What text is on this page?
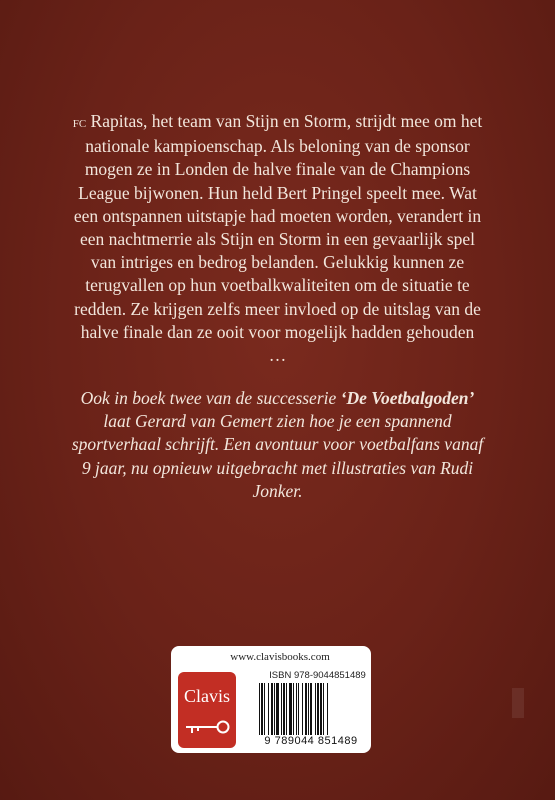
fc Rapitas, het team van Stijn en Storm, strijdt mee om het nationale kampioenschap. Als beloning van de sponsor mogen ze in Londen de halve finale van de Champions League bijwonen. Hun held Bert Pringel speelt mee. Wat een ontspannen uitstapje had moeten worden, verandert in een nachtmerrie als Stijn en Storm in een gevaarlijk spel van intriges en bedrog belanden. Gelukkig kunnen ze terugvallen op hun voetbalkwaliteiten om de situatie te redden. Ze krijgen zelfs meer invloed op de uitslag van de halve finale dan ze ooit voor mogelijk hadden gehouden …

Ook in boek twee van de successerie ‘De Voetbalgoden’ laat Gerard van Gemert zien hoe je een spannend sportverhaal schrijft. Een avontuur voor voetbalfans vanaf 9 jaar, nu opnieuw uitgebracht met illustraties van Rudi Jonker.

www.clavisbooks.com
Clavis
ISBN 978-9044851489
9 789044 851489
